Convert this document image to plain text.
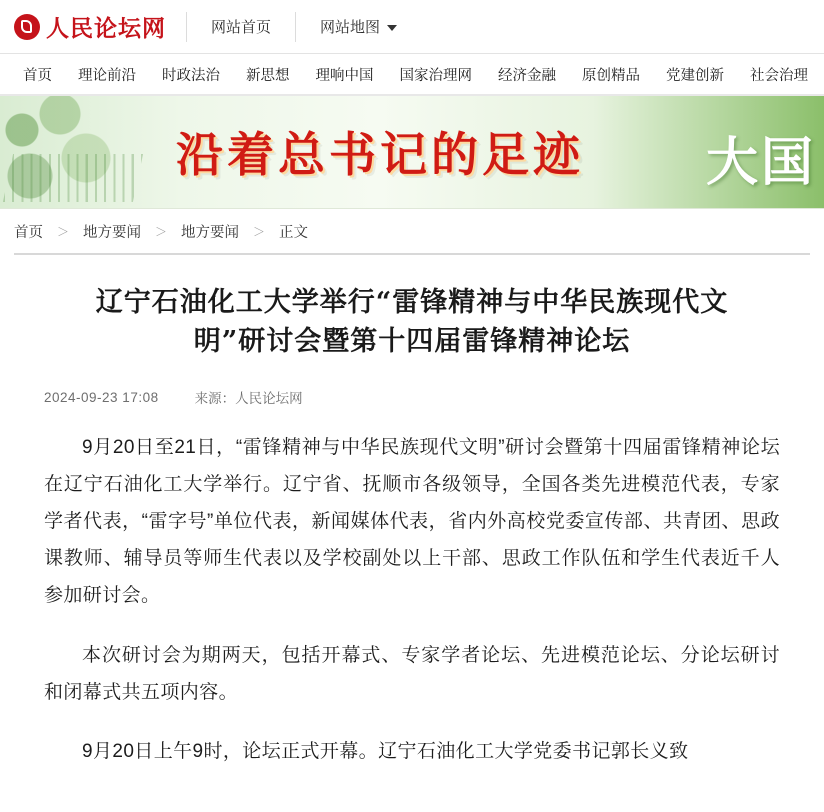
人民论坛网	网站首页	网站地图
首页	理论前沿	时政法治	新思想	理响中国	国家治理网	经济金融	原创精品	党建创新	社会治理
沿着总书记的足迹 大国
首页	＞ 地方要闻	＞ 地方要闻	＞ 正文
辽宁石油化工大学举行“雷锋精神与中华民族现代文明”研讨会暨第十四届雷锋精神论坛
2024-09-23 17:08	来源： 人民论坛网

9月20日至21日，“雷锋精神与中华民族现代文明”研讨会暨第十四届雷锋精神论坛在辽宁石油化工大学举行。辽宁省、抚顺市各级领导，全国各类先进模范代表，专家学者代表，“雷字号”单位代表，新闻媒体代表，省内外高校党委宣传部、共青团、思政课教师、辅导员等师生代表以及学校副处以上干部、思政工作队伍和学生代表近千人参加研讨会。

本次研讨会为期两天，包括开幕式、专家学者论坛、先进模范论坛、分论坛研讨和闭幕式共五项内容。

9月20日上午9时，论坛正式开幕。辽宁石油化工大学党委书记郭长义致
